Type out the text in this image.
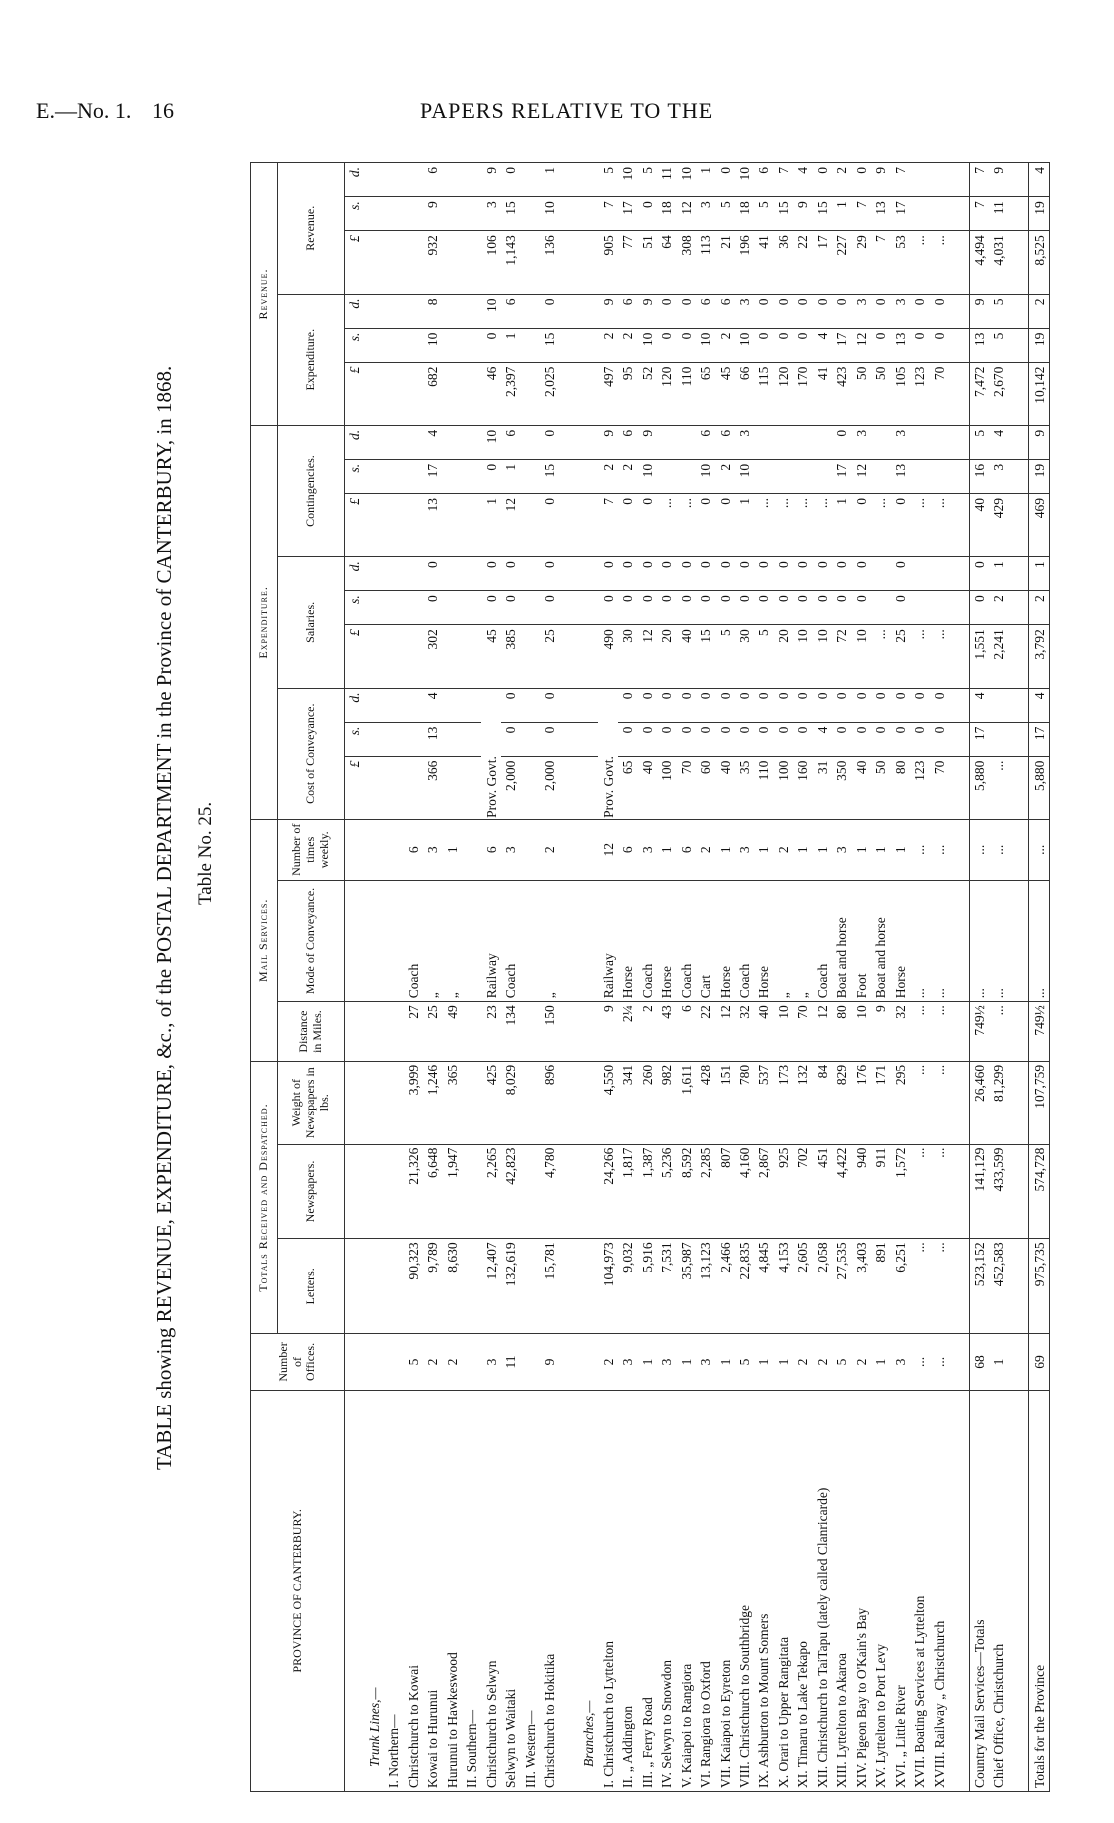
E.—No. 1. 16	PAPERS RELATIVE TO THE
TABLE showing REVENUE, EXPENDITURE, &c., of the POSTAL DEPARTMENT in the Province of CANTERBURY, in 1868. Table No. 25.
PROVINCE OF CANTERBURY.	Number of Offices.	Totals Received and Despatched.			Mail Services.			Expenditure.									Revenue.					
		Letters.	Newspapers.	Weight of Newspapers in lbs.	Distance in Miles.	Mode of Conveyance.	Number of times weekly.	Cost of Conveyance.			Salaries.			Contingencies.			Expenditure.			Revenue.		
								£	s.	d.	£	s.	d.	£	s.	d.	£	s.	d.	£	s.	d.
Trunk Lines,—																						
I. Northern—																						
Christchurch to Kowai	5	90,323	21,326	3,999	27	Coach	6															
Kowai to Hurunui	2	9,789	6,648	1,246	25	„	3	366	13	4	302	0	0	13	17	4	682	10	8	932	9	6
Hurunui to Hawkeswood	2	8,630	1,947	365	49	„	1															
II. Southern—																						
Christchurch to Selwyn	3	12,407	2,265	425	23	Railway	6	Prov. Govt.			45	0	0	1	0	10	46	0	10	106	3	9
Selwyn to Waitaki	11	132,619	42,823	8,029	134	Coach	3	2,000	0	0	385	0	0	12	1	6	2,397	1	6	1,143	15	0
III. Western—																						
Christchurch to Hokitika	9	15,781	4,780	896	150	„	2	2,000	0	0	25	0	0	0	15	0	2,025	15	0	136	10	1

Branches,—																						
I. Christchurch to Lyttelton	2	104,973	24,266	4,550	9	Railway	12	Prov. Govt.			490	0	0	7	2	9	497	2	9	905	7	5
II. „ Addington	3	9,032	1,817	341	2¼	Horse	6	65	0	0	30	0	0	0	2	6	95	2	6	77	17	10
III. „ Ferry Road	1	5,916	1,387	260	2	Coach	3	40	0	0	12	0	0	0	10	9	52	10	9	51	0	5
IV. Selwyn to Snowdon	3	7,531	5,236	982	43	Horse	1	100	0	0	20	0	0	...			120	0	0	64	18	11
V. Kaiapoi to Rangiora	1	35,987	8,592	1,611	6	Coach	6	70	0	0	40	0	0	...			110	0	0	308	12	10
VI. Rangiora to Oxford	3	13,123	2,285	428	22	Cart	2	60	0	0	15	0	0	0	10	6	65	10	6	113	3	1
VII. Kaiapoi to Eyreton	1	2,466	807	151	12	Horse	1	40	0	0	5	0	0	0	2	6	45	2	6	21	5	0
VIII. Christchurch to Southbridge	5	22,835	4,160	780	32	Coach	3	35	0	0	30	0	0	1	10	3	66	10	3	196	18	10
IX. Ashburton to Mount Somers	1	4,845	2,867	537	40	Horse	1	110	0	0	5	0	0	...			115	0	0	41	5	6
X. Orari to Upper Rangitata	1	4,153	925	173	10	„	2	100	0	0	20	0	0	...			120	0	0	36	15	7
XI. Timaru to Lake Tekapo	2	2,605	702	132	70	„	1	160	0	0	10	0	0	...			170	0	0	22	9	4
XII. Christchurch to TaiTapu (lately called Clanricarde)	2	2,058	451	84	12	Coach	1	31	4	0	10	0	0	...			41	4	0	17	15	0
XIII. Lyttelton to Akaroa	5	27,535	4,422	829	80	Boat and horse	3	350	0	0	72	0	0	1	17	0	423	17	0	227	1	2
XIV. Pigeon Bay to O'Kain's Bay	2	3,403	940	176	10	Foot	1	40	0	0	10	0	0	0	12	3	50	12	3	29	7	0
XV. Lyttelton to Port Levy	1	891	911	171	9	Boat and horse	1	50	0	0	...			...			50	0	0	7	13	9
XVI. „ Little River	3	6,251	1,572	295	32	Horse	1	80	0	0	25	0	0	0	13	3	105	13	3	53	17	7
XVII. Boating Services at Lyttelton	...	...	...	...	...	...	...	123	0	0	...			...			123	0	0	...		
XVIII. Railway „ Christchurch	...	...	...	...	...	...	...	70	0	0	...			...			70	0	0	...		

Country Mail Services—Totals	68	523,152	141,129	26,460	749½	...	...	5,880	17	4	1,551	0	0	40	16	5	7,472	13	9	4,494	7	7
Chief Office, Christchurch	1	452,583	433,599	81,299	...	...	...	...			2,241	2	1	429	3	4	2,670	5	5	4,031	11	9

Totals for the Province	69	975,735	574,728	107,759	749½	...	...	5,880	17	4	3,792	2	1	469	19	9	10,142	19	2	8,525	19	4
